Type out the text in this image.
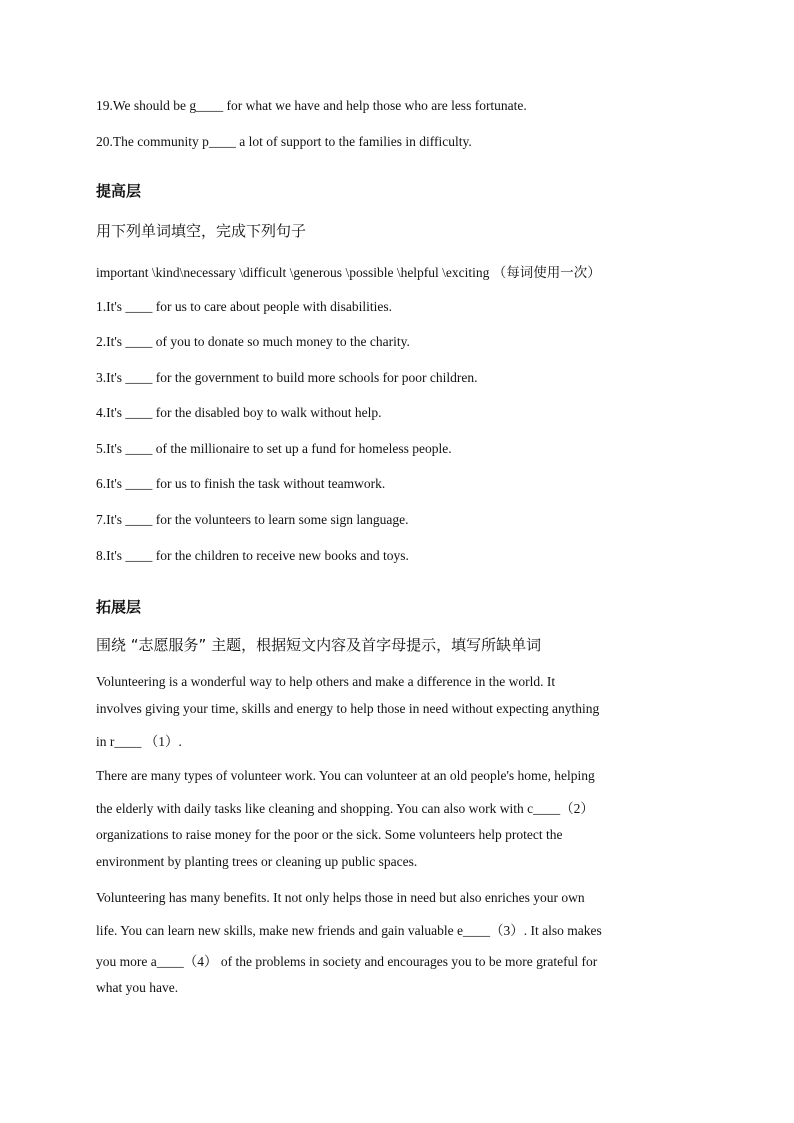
19.We should be g____ for what we have and help those who are less fortunate.
20.The community p____ a lot of support to the families in difficulty.
提高层
用下列单词填空，完成下列句子
important \kind\necessary \difficult \generous \possible \helpful \exciting （每词使用一次）
1.It's ____ for us to care about people with disabilities.
2.It's ____ of you to donate so much money to the charity.
3.It's ____ for the government to build more schools for poor children.
4.It's ____ for the disabled boy to walk without help.
5.It's ____ of the millionaire to set up a fund for homeless people.
6.It's ____ for us to finish the task without teamwork.
7.It's ____ for the volunteers to learn some sign language.
8.It's ____ for the children to receive new books and toys.
拓展层
围绕 “志愿服务” 主题，根据短文内容及首字母提示，填写所缺单词
Volunteering is a wonderful way to help others and make a difference in the world. It
involves giving your time, skills and energy to help those in need without expecting anything
in r____ （1）.
There are many types of volunteer work. You can volunteer at an old people's home, helping
the elderly with daily tasks like cleaning and shopping. You can also work with c____（2）
organizations to raise money for the poor or the sick. Some volunteers help protect the
environment by planting trees or cleaning up public spaces.
Volunteering has many benefits. It not only helps those in need but also enriches your own
life. You can learn new skills, make new friends and gain valuable e____（3）. It also makes
you more a____（4） of the problems in society and encourages you to be more grateful for
what you have.
